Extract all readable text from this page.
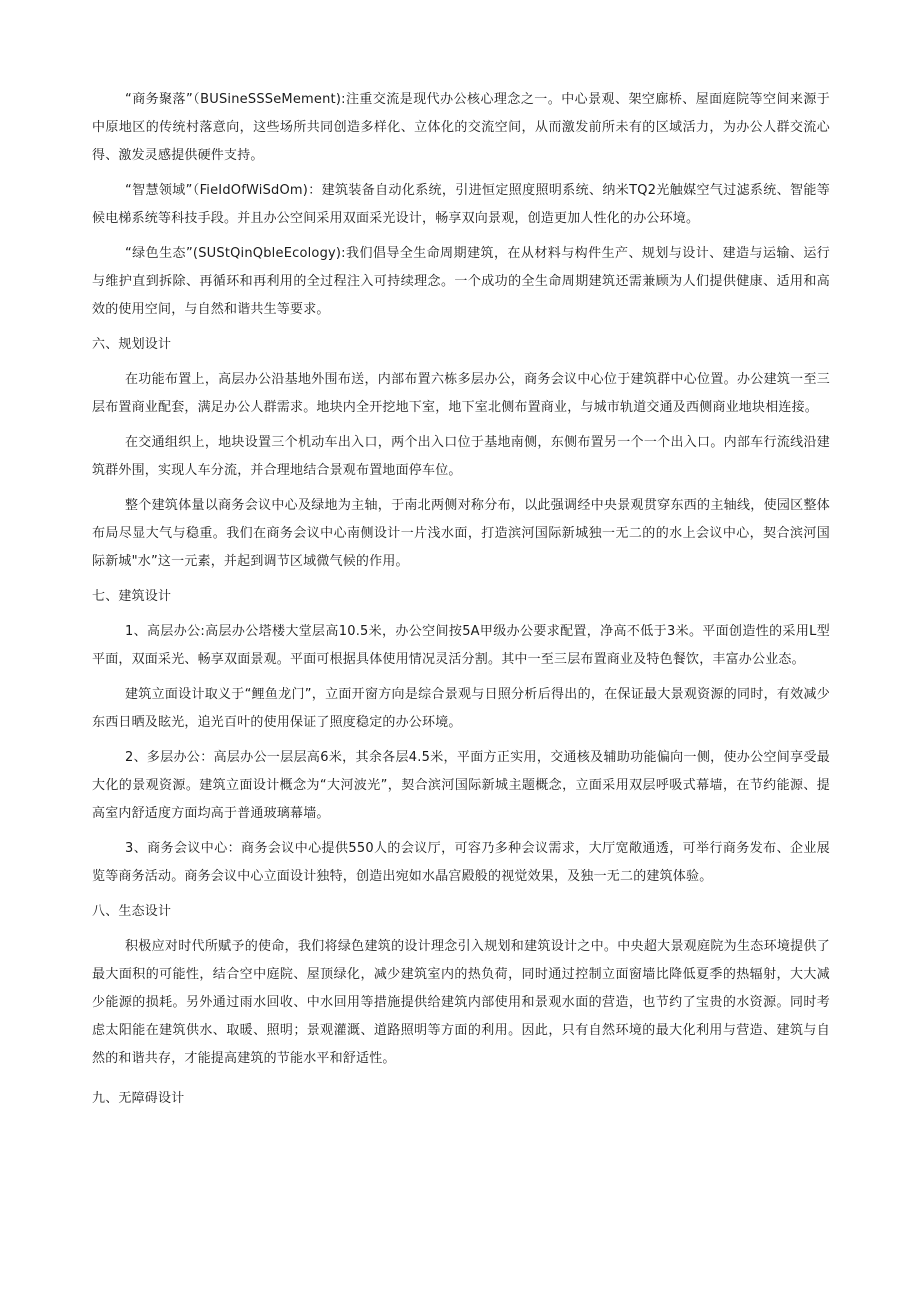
“商务聚落”（BUSineSSSeMement):注重交流是现代办公核心理念之一。中心景观、架空廊桥、屋面庭院等空间来源于中原地区的传统村落意向，这些场所共同创造多样化、立体化的交流空间，从而激发前所未有的区域活力，为办公人群交流心得、激发灵感提供硬件支持。

“智慧领域”（FieIdOfWiSdOm)：建筑装备自动化系统，引进恒定照度照明系统、纳米TQ2光触媒空气过滤系统、智能等候电梯系统等科技手段。并且办公空间采用双面采光设计，畅享双向景观，创造更加人性化的办公环境。

“绿色生态”(SUStQinQbleEcology):我们倡导全生命周期建筑，在从材料与构件生产、规划与设计、建造与运输、运行与维护直到拆除、再循环和再利用的全过程注入可持续理念。一个成功的全生命周期建筑还需兼顾为人们提供健康、适用和高效的使用空间，与自然和谐共生等要求。

六、规划设计

在功能布置上，高层办公沿基地外围布送，内部布置六栋多层办公，商务会议中心位于建筑群中心位置。办公建筑一至三层布置商业配套，满足办公人群需求。地块内全开挖地下室，地下室北侧布置商业，与城市轨道交通及西侧商业地块相连接。

在交通组织上，地块设置三个机动车出入口，两个出入口位于基地南侧，东侧布置另一个一个出入口。内部车行流线沿建筑群外围，实现人车分流，并合理地结合景观布置地面停车位。

整个建筑体量以商务会议中心及绿地为主轴，于南北两侧对称分布，以此强调经中央景观贯穿东西的主轴线，使园区整体布局尽显大气与稳重。我们在商务会议中心南侧设计一片浅水面，打造滨河国际新城独一无二的的水上会议中心，契合滨河国际新城"水”这一元素，并起到调节区域微气候的作用。

七、建筑设计

1、高层办公:高层办公塔楼大堂层高10.5米，办公空间按5A甲级办公要求配置，净高不低于3米。平面创造性的采用L型平面，双面采光、畅享双面景观。平面可根据具体使用情况灵活分割。其中一至三层布置商业及特色餐饮，丰富办公业态。

建筑立面设计取义于“鲤鱼龙门”，立面开窗方向是综合景观与日照分析后得出的，在保证最大景观资源的同时，有效减少东西日晒及眩光，追光百叶的使用保证了照度稳定的办公环境。

2、多层办公：高层办公一层层高6米，其余各层4.5米，平面方正实用，交通核及辅助功能偏向一侧，使办公空间享受最大化的景观资源。建筑立面设计概念为“大河波光”，契合滨河国际新城主题概念，立面采用双层呼吸式幕墙，在节约能源、提高室内舒适度方面均高于普通玻璃幕墙。

3、商务会议中心：商务会议中心提供550人的会议厅，可容乃多种会议需求，大厅宽敞通透，可举行商务发布、企业展览等商务活动。商务会议中心立面设计独特，创造出宛如水晶宫殿般的视觉效果，及独一无二的建筑体验。

八、生态设计

积极应对时代所赋予的使命，我们将绿色建筑的设计理念引入规划和建筑设计之中。中央超大景观庭院为生态环境提供了最大面积的可能性，结合空中庭院、屋顶绿化，减少建筑室内的热负荷，同时通过控制立面窗墙比降低夏季的热辐射，大大减少能源的损耗。另外通过雨水回收、中水回用等措施提供给建筑内部使用和景观水面的营造，也节约了宝贵的水资源。同时考虑太阳能在建筑供水、取暖、照明；景观灌溉、道路照明等方面的利用。因此，只有自然环境的最大化利用与营造、建筑与自然的和谐共存，才能提高建筑的节能水平和舒适性。

九、无障碍设计
